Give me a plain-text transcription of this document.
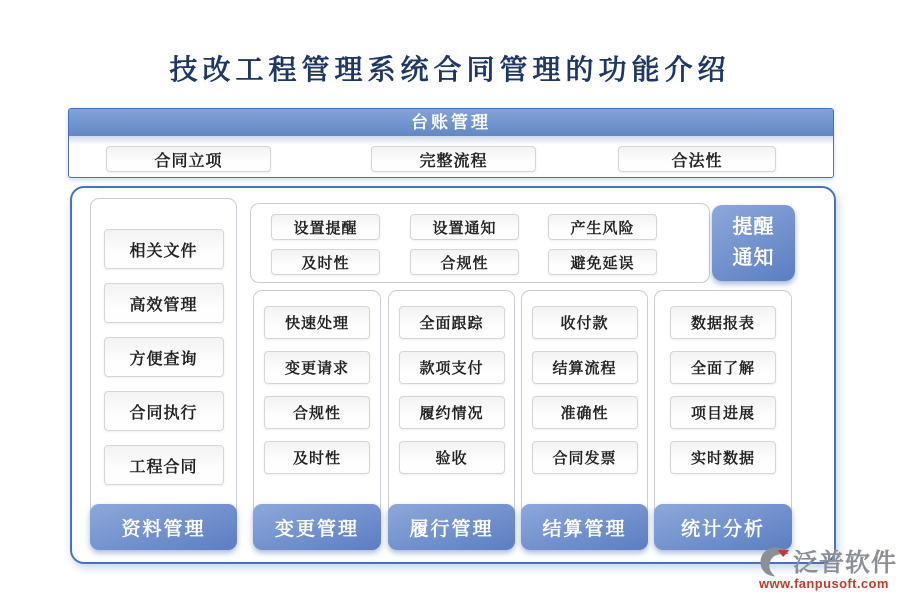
技改工程管理系统合同管理的功能介绍
台账管理
合同立项	完整流程	合法性
相关文件
高效管理
方便查询
合同执行
工程合同
资料管理
设置提醒	设置通知	产生风险
及时性	合规性	避免延误
提醒
通知
快速处理
变更请求
合规性
及时性
变更管理
全面跟踪
款项支付
履约情况
验收
履行管理
收付款
结算流程
准确性
合同发票
结算管理
数据报表
全面了解
项目进展
实时数据
统计分析
泛普软件
www.fanpusoft.com
